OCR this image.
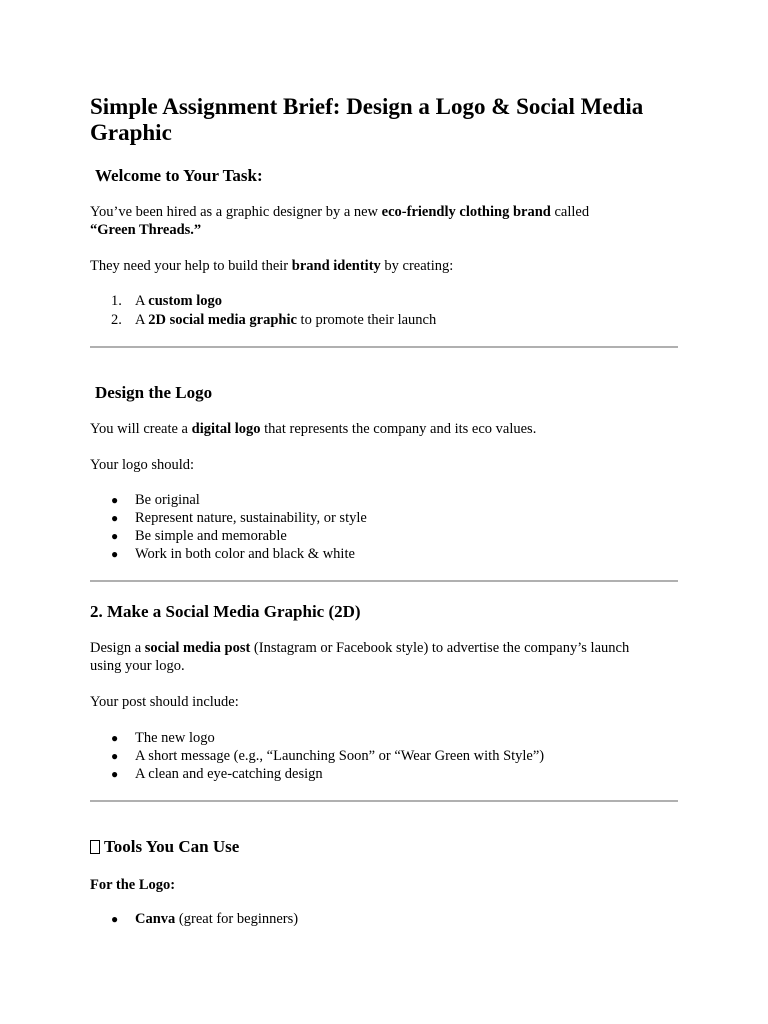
Simple Assignment Brief: Design a Logo & Social Media Graphic
Welcome to Your Task:
You’ve been hired as a graphic designer by a new eco-friendly clothing brand called
“Green Threads.”
They need your help to build their brand identity by creating:
1. A custom logo
2. A 2D social media graphic to promote their launch
Design the Logo
You will create a digital logo that represents the company and its eco values.
Your logo should:
● Be original
● Represent nature, sustainability, or style
● Be simple and memorable
● Work in both color and black & white
2. Make a Social Media Graphic (2D)
Design a social media post (Instagram or Facebook style) to advertise the company’s launch
using your logo.
Your post should include:
● The new logo
● A short message (e.g., “Launching Soon” or “Wear Green with Style”)
● A clean and eye-catching design
Tools You Can Use
For the Logo:
● Canva (great for beginners)
